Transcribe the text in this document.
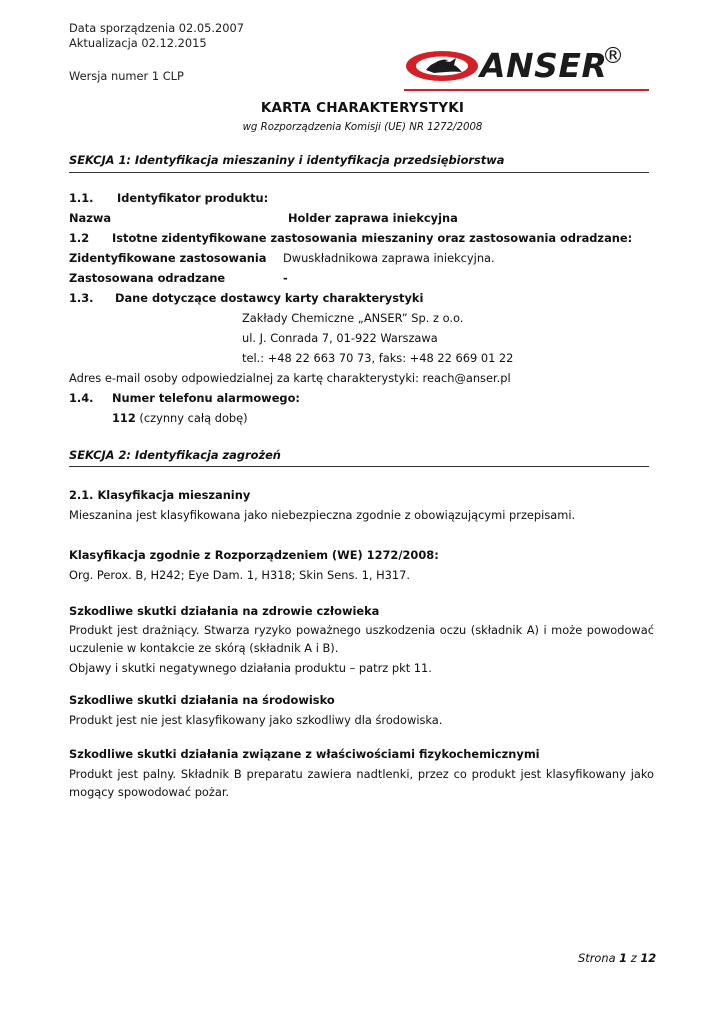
Data sporządzenia 02.05.2007
Aktualizacja 02.12.2015
Wersja numer 1 CLP	ANSER
®
KARTA CHARAKTERYSTYKI
wg Rozporządzenia Komisji (UE) NR 1272/2008
SEKCJA 1: Identyfikacja mieszaniny i identyfikacja przedsiębiorstwa
1.1. Identyfikator produktu:
Nazwa	Holder zaprawa iniekcyjna
1.2 Istotne zidentyfikowane zastosowania mieszaniny oraz zastosowania odradzane:
Zidentyfikowane zastosowania Dwuskładnikowa zaprawa iniekcyjna.
Zastosowana odradzane	-
1.3. Dane dotyczące dostawcy karty charakterystyki
Zakłady Chemiczne „ANSER” Sp. z o.o.
ul. J. Conrada 7, 01-922 Warszawa
tel.: +48 22 663 70 73, faks: +48 22 669 01 22
Adres e-mail osoby odpowiedzialnej za kartę charakterystyki: reach@anser.pl
1.4. Numer telefonu alarmowego:
112 (czynny całą dobę)
SEKCJA 2: Identyfikacja zagrożeń
2.1. Klasyfikacja mieszaniny
Mieszanina jest klasyfikowana jako niebezpieczna zgodnie z obowiązującymi przepisami.
Klasyfikacja zgodnie z Rozporządzeniem (WE) 1272/2008:
Org. Perox. B, H242; Eye Dam. 1, H318; Skin Sens. 1, H317.
Szkodliwe skutki działania na zdrowie człowieka
Produkt jest drażniący. Stwarza ryzyko poważnego uszkodzenia oczu (składnik A) i może powodować uczulenie w kontakcie ze skórą (składnik A i B).
Objawy i skutki negatywnego działania produktu – patrz pkt 11.
Szkodliwe skutki działania na środowisko
Produkt jest nie jest klasyfikowany jako szkodliwy dla środowiska.
Szkodliwe skutki działania związane z właściwościami fizykochemicznymi
Produkt jest palny. Składnik B preparatu zawiera nadtlenki, przez co produkt jest klasyfikowany jako mogący spowodować pożar.
Strona 1 z 12
